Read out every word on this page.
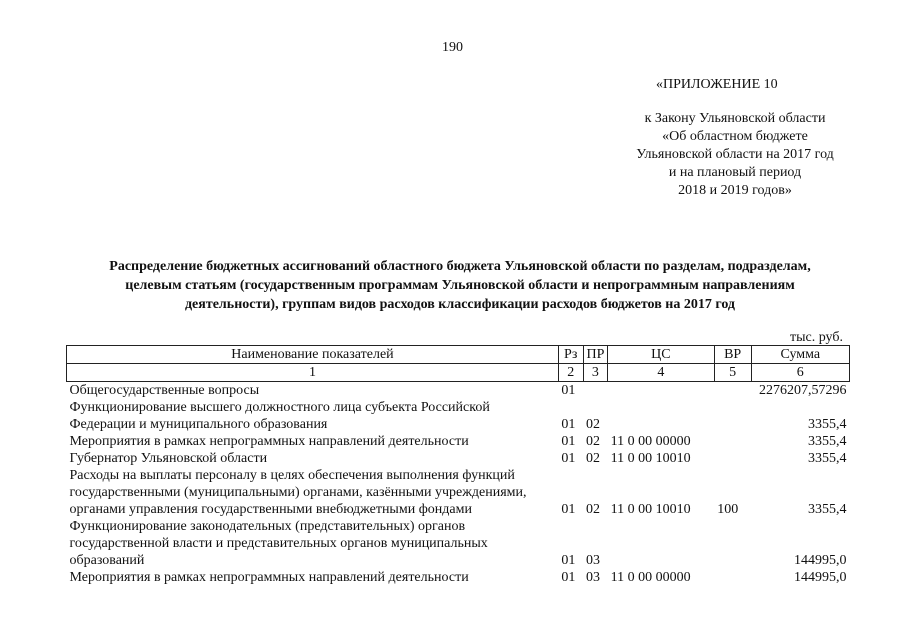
190
«ПРИЛОЖЕНИЕ 10
к Закону Ульяновской области
«Об областном бюджете
Ульяновской области на 2017 год
и на плановый период
2018 и 2019 годов»
Распределение бюджетных ассигнований областного бюджета Ульяновской области по разделам, подразделам, целевым статьям (государственным программам Ульяновской области и непрограммным направлениям деятельности), группам видов расходов классификации расходов бюджетов на 2017 год
тыс. руб.
Наименование показателей	Рз	ПР	ЦС	ВР	Сумма
1	2	3	4	5	6
Общегосударственные вопросы	01				2276207,57296
Функционирование высшего должностного лица субъекта Российской Федерации и муниципального образования	01	02			3355,4
Мероприятия в рамках непрограммных направлений деятельности	01	02	11 0 00 00000		3355,4
Губернатор Ульяновской области	01	02	11 0 00 10010		3355,4
Расходы на выплаты персоналу в целях обеспечения выполнения функций государственными (муниципальными) органами, казёнными учреждениями, органами управления государственными внебюджетными фондами	01	02	11 0 00 10010	100	3355,4
Функционирование законодательных (представительных) органов государственной власти и представительных органов муниципальных образований	01	03			144995,0
Мероприятия в рамках непрограммных направлений деятельности	01	03	11 0 00 00000		144995,0
